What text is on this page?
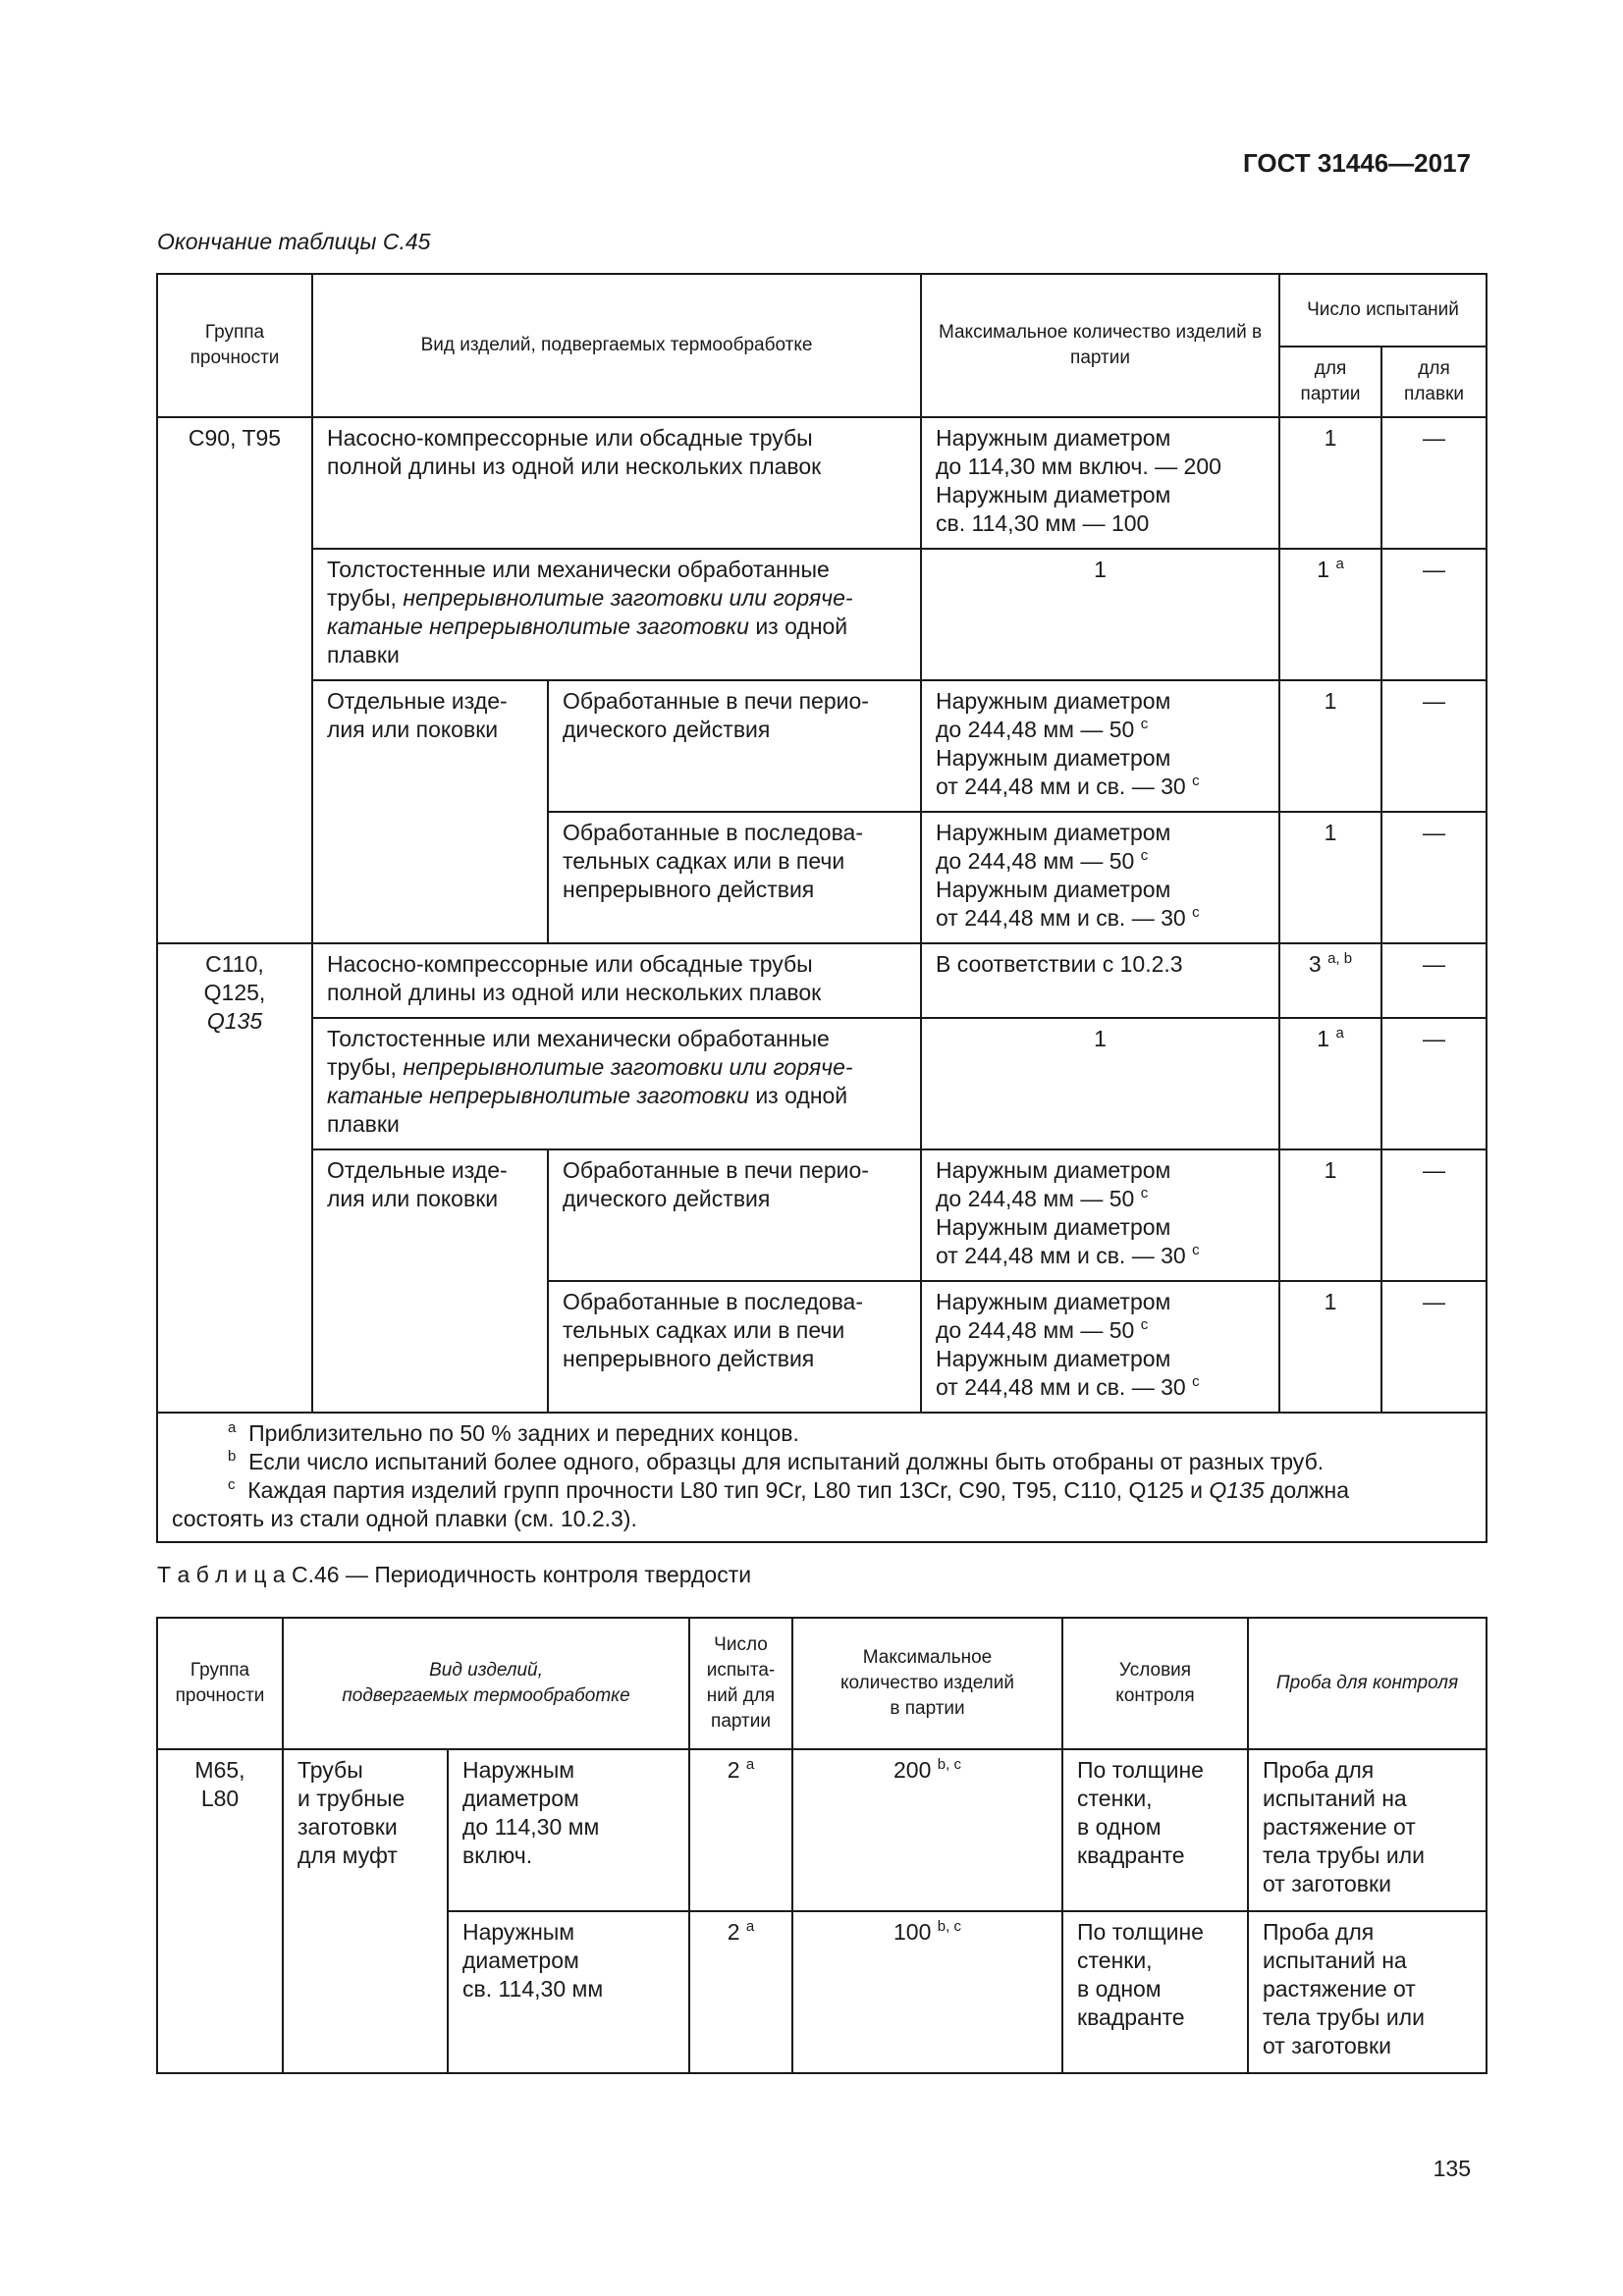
ГОСТ 31446—2017
Окончание таблицы С.45
Группа прочности	Вид изделий, подвергаемых термообработке		Максимальное количество изделий в партии	Число испытаний	
				для партии	для плавки
C90, T95	Насосно-компрессорные или обсадные трубы
полной длины из одной или нескольких плавок		Наружным диаметром
до 114,30 мм включ. — 200
Наружным диаметром
св. 114,30 мм — 100	1	—

	Толстостенные или механически обработанные
трубы, непрерывнолитые заготовки или горяче-
катаные непрерывнолитые заготовки из одной
плавки		1	1 $^a$	—

	Отдельные изде-
лия или поковки	Обработанные в печи перио-
дического действия	Наружным диаметром
до 244,48 мм — 50 $^c$
Наружным диаметром
от 244,48 мм и св. — 30 $^c$	1	—

		Обработанные в последова-
тельных садках или в печи
непрерывного действия	Наружным диаметром
до 244,48 мм — 50 $^c$
Наружным диаметром
от 244,48 мм и св. — 30 $^c$	1	—

C110,
Q125,
Q135	Насосно-компрессорные или обсадные трубы
полной длины из одной или нескольких плавок		В соответствии с 10.2.3	3 $^{a, b}$	—

	Толстостенные или механически обработанные
трубы, непрерывнолитые заготовки или горяче-
катаные непрерывнолитые заготовки из одной
плавки		1	1 $^a$	—

	Отдельные изде-
лия или поковки	Обработанные в печи перио-
дического действия	Наружным диаметром
до 244,48 мм — 50 $^c$
Наружным диаметром
от 244,48 мм и св. — 30 $^c$	1	—

		Обработанные в последова-
тельных садках или в печи
непрерывного действия	Наружным диаметром
до 244,48 мм — 50 $^c$
Наружным диаметром
от 244,48 мм и св. — 30 $^c$	1	—

$^a$ Приблизительно по 50 % задних и передних концов.
$^b$ Если число испытаний более одного, образцы для испытаний должны быть отобраны от разных труб.
$^c$ Каждая партия изделий групп прочности L80 тип 9Cr, L80 тип 13Cr, C90, T95, C110, Q125 и Q135 должна
состоять из стали одной плавки (см. 10.2.3).					
Т а б л и ц а С.46 — Периодичность контроля твердости
Группа
прочности	Вид изделий,
подвергаемых термообработке		Число
испыта-
ний для
партии	Максимальное
количество изделий
в партии	Условия
контроля	Проба для контроля

M65,
L80	Трубы
и трубные
заготовки
для муфт	Наружным
диаметром
до 114,30 мм
включ.	2 $^a$	200 $^{b, c}$	По толщине
стенки,
в одном
квадранте	Проба для
испытаний на
растяжение от
тела трубы или
от заготовки

		Наружным
диаметром
св. 114,30 мм	2 $^a$	100 $^{b, c}$	По толщине
стенки,
в одном
квадранте	Проба для
испытаний на
растяжение от
тела трубы или
от заготовки
135
